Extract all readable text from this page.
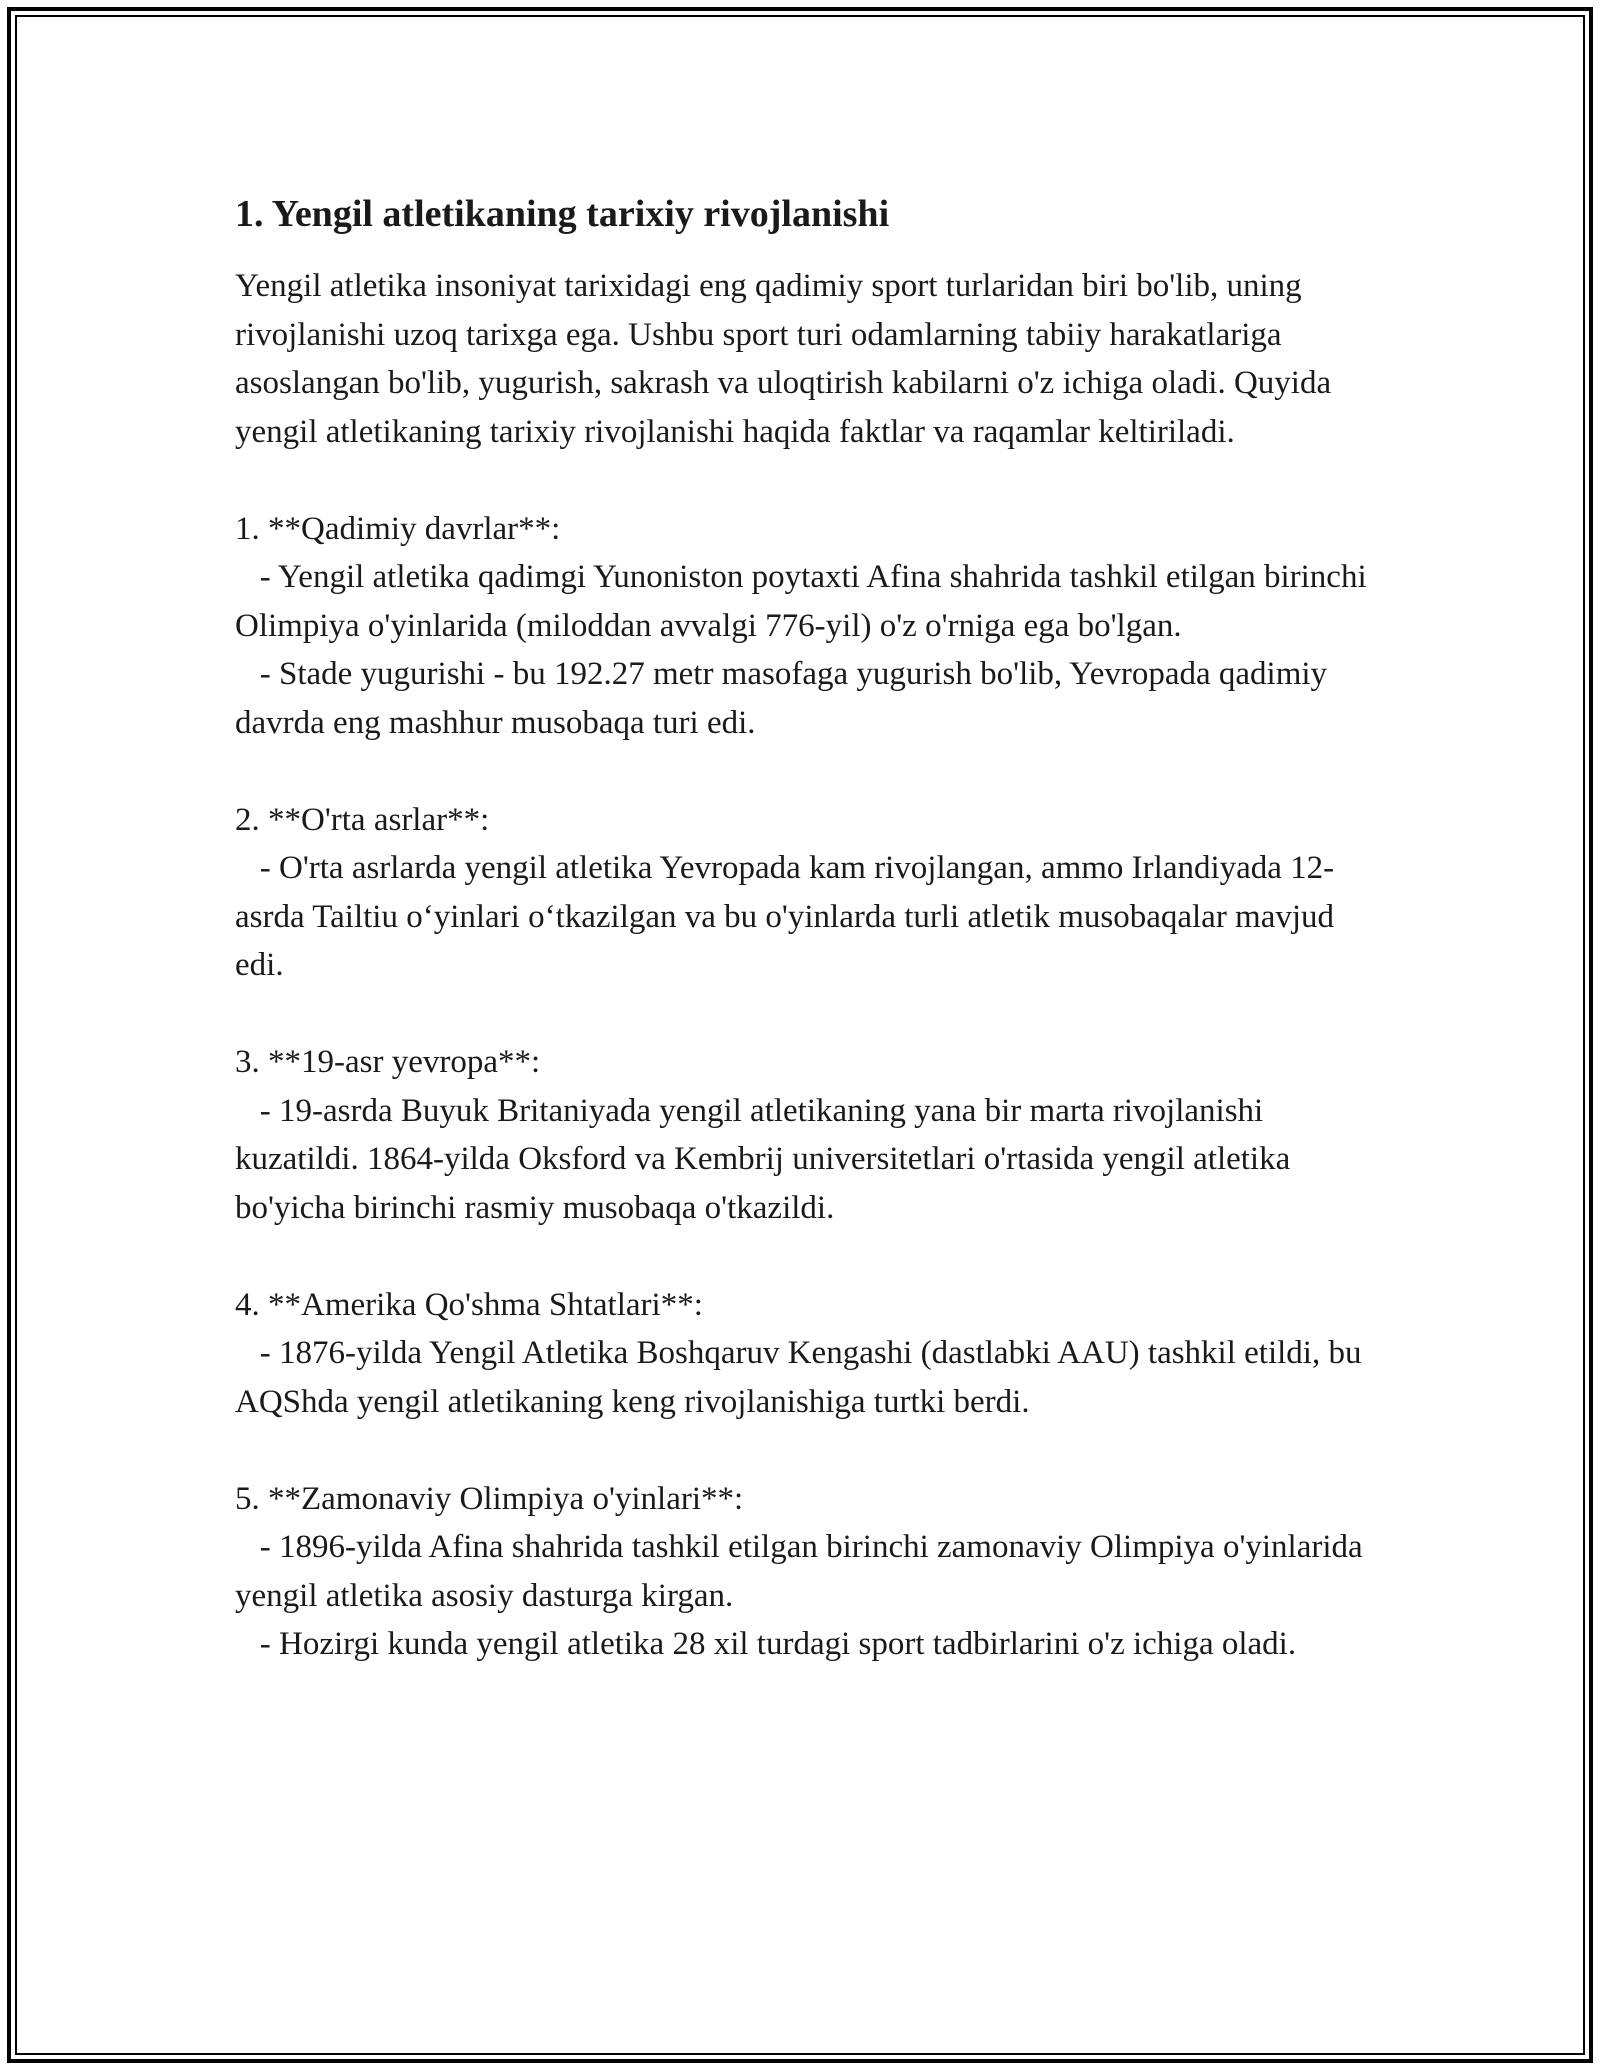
1. Yengil atletikaning tarixiy rivojlanishi

Yengil atletika insoniyat tarixidagi eng qadimiy sport turlaridan biri bo'lib, uning rivojlanishi uzoq tarixga ega. Ushbu sport turi odamlarning tabiiy harakatlariga asoslangan bo'lib, yugurish, sakrash va uloqtirish kabilarni o'z ichiga oladi. Quyida yengil atletikaning tarixiy rivojlanishi haqida faktlar va raqamlar keltiriladi.

1. **Qadimiy davrlar**:

- Yengil atletika qadimgi Yunoniston poytaxti Afina shahrida tashkil etilgan birinchi Olimpiya o'yinlarida (miloddan avvalgi 776-yil) o'z o'rniga ega bo'lgan.

- Stade yugurishi - bu 192.27 metr masofaga yugurish bo'lib, Yevropada qadimiy davrda eng mashhur musobaqa turi edi.

2. **O'rta asrlar**:

- O'rta asrlarda yengil atletika Yevropada kam rivojlangan, ammo Irlandiyada 12-asrda Tailtiu oʻyinlari oʻtkazilgan va bu o'yinlarda turli atletik musobaqalar mavjud edi.

3. **19-asr yevropa**:

- 19-asrda Buyuk Britaniyada yengil atletikaning yana bir marta rivojlanishi kuzatildi. 1864-yilda Oksford va Kembrij universitetlari o'rtasida yengil atletika bo'yicha birinchi rasmiy musobaqa o'tkazildi.

4. **Amerika Qo'shma Shtatlari**:

- 1876-yilda Yengil Atletika Boshqaruv Kengashi (dastlabki AAU) tashkil etildi, bu AQShda yengil atletikaning keng rivojlanishiga turtki berdi.

5. **Zamonaviy Olimpiya o'yinlari**:

- 1896-yilda Afina shahrida tashkil etilgan birinchi zamonaviy Olimpiya o'yinlarida yengil atletika asosiy dasturga kirgan.

- Hozirgi kunda yengil atletika 28 xil turdagi sport tadbirlarini o'z ichiga oladi.
